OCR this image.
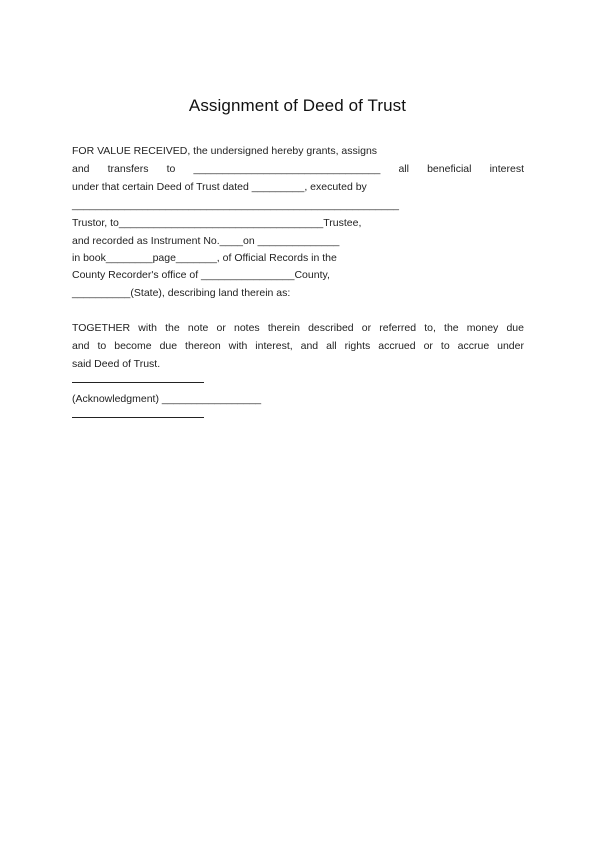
Assignment of Deed of Trust
FOR VALUE RECEIVED, the undersigned hereby grants, assigns
and transfers to ________________________________ all beneficial interest
under that certain Deed of Trust dated _________, executed by
________________________________________________________
Trustor, to___________________________________Trustee,
and recorded as Instrument No.____on ______________
in book________page_______, of Official Records in the
County Recorder's office of ________________County,
__________(State), describing land therein as:
TOGETHER with the note or notes therein described or referred to, the money due
and to become due thereon with interest, and all rights accrued or to accrue under
said Deed of Trust.
(Acknowledgment) _________________
